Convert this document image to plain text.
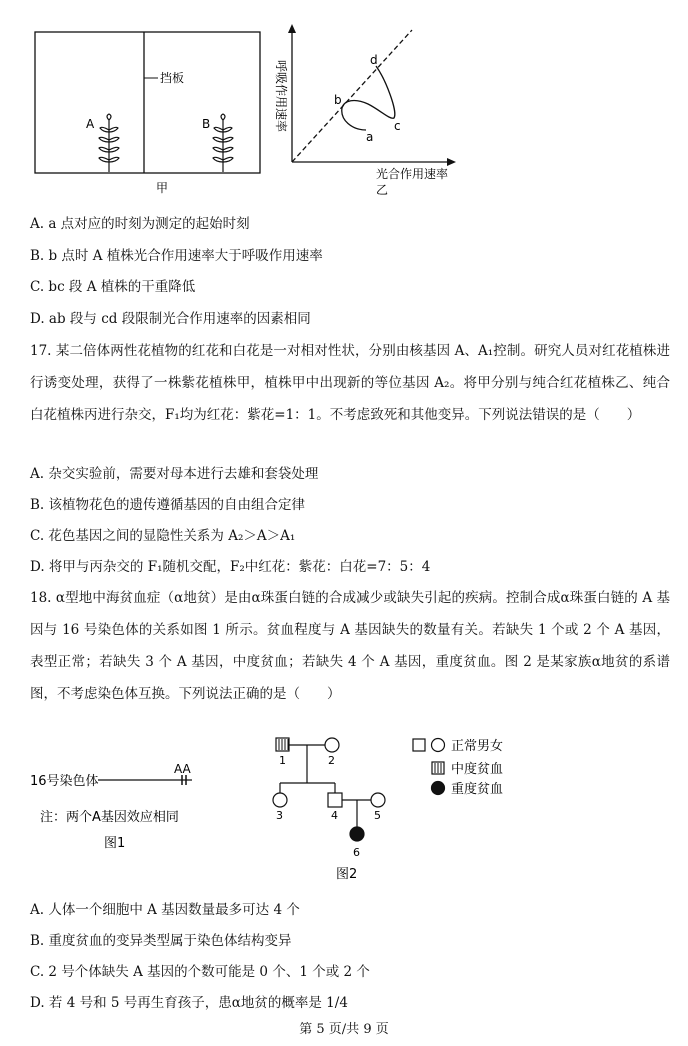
挡板
A	B
甲
a
b
c
d
呼吸作用速率
光合作用速率
乙
A. a 点对应的时刻为测定的起始时刻
B. b 点时 A 植株光合作用速率大于呼吸作用速率
C. bc 段 A 植株的干重降低
D. ab 段与 cd 段限制光合作用速率的因素相同
17. 某二倍体两性花植物的红花和白花是一对相对性状，分别由核基因 A、A₁控制。研究人员对红花植株进行诱变处理，获得了一株紫花植株甲，植株甲中出现新的等位基因 A₂。将甲分别与纯合红花植株乙、纯合白花植株丙进行杂交，F₁均为红花：紫花=1：1。不考虑致死和其他变异。下列说法错误的是（　　）
A. 杂交实验前，需要对母本进行去雄和套袋处理
B. 该植物花色的遗传遵循基因的自由组合定律
C. 花色基因之间的显隐性关系为 A₂＞A＞A₁
D. 将甲与丙杂交的 F₁随机交配，F₂中红花：紫花：白花=7：5：4
18. α型地中海贫血症（α地贫）是由α珠蛋白链的合成减少或缺失引起的疾病。控制合成α珠蛋白链的 A 基因与 16 号染色体的关系如图 1 所示。贫血程度与 A 基因缺失的数量有关。若缺失 1 个或 2 个 A 基因，表型正常；若缺失 3 个 A 基因，中度贫血；若缺失 4 个 A 基因，重度贫血。图 2 是某家族α地贫的系谱图，不考虑染色体互换。下列说法正确的是（　　）
16号染色体
AA
注：两个A基因效应相同
图1
1	2
3	4	5
6
图2
正常男女
中度贫血
重度贫血
A. 人体一个细胞中 A 基因数量最多可达 4 个
B. 重度贫血的变异类型属于染色体结构变异
C. 2 号个体缺失 A 基因的个数可能是 0 个、1 个或 2 个
D. 若 4 号和 5 号再生育孩子，患α地贫的概率是 1/4
第 5 页/共 9 页
